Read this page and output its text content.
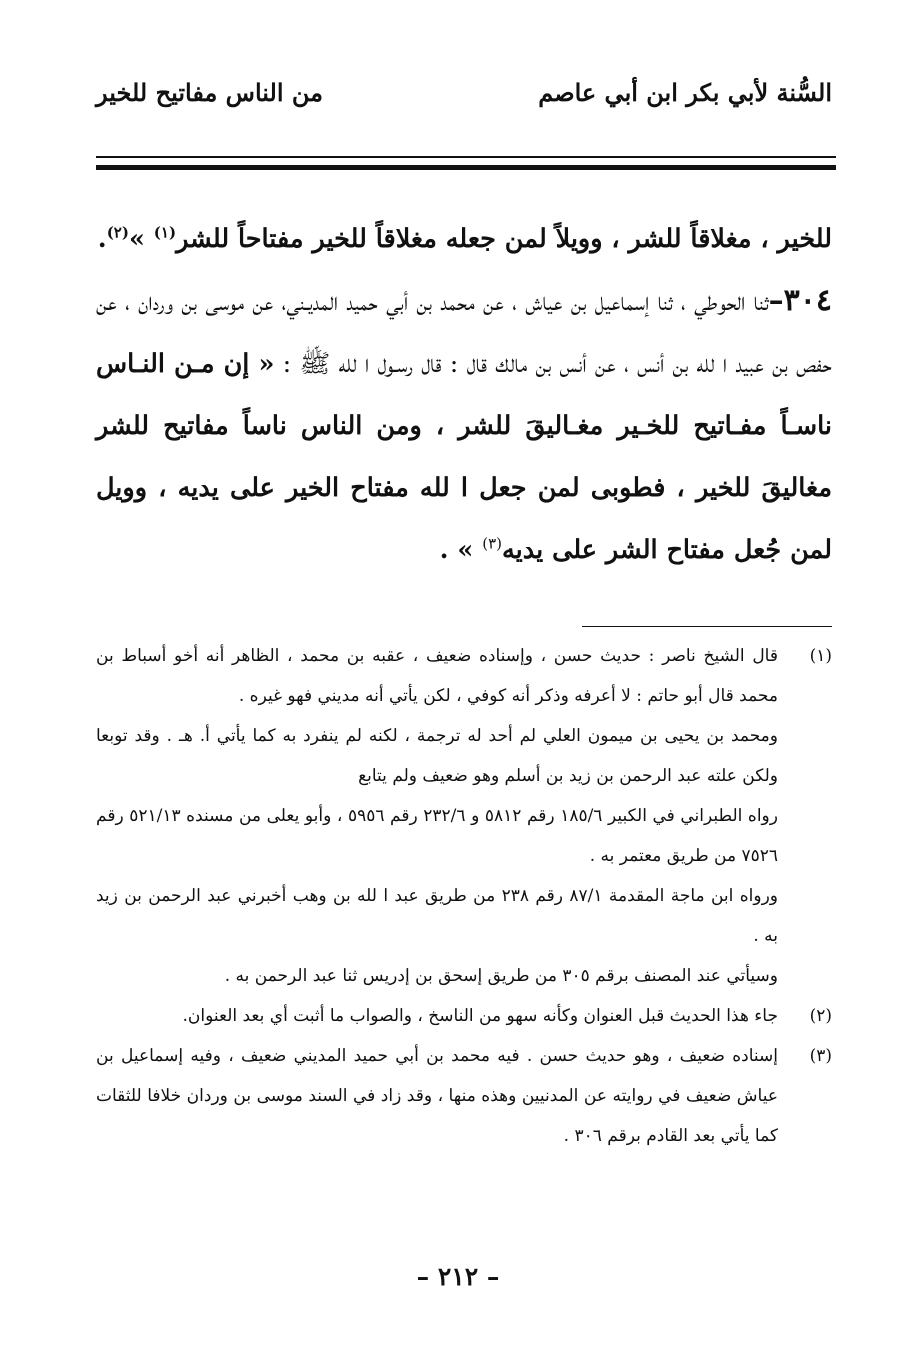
السُّنة لأبي بكر ابن أبي عاصم
من الناس مفاتيح للخير

للخير ، مغلاقاً للشر ، وويلاً لمن جعله مغلاقاً للخير مفتاحاً للشر$^{(١)}$ »$^{(٢)}$.

٣٠٤–ثنا الحوطي ، ثنا إسماعيل بن عياش ، عن محمد بن أبي حميد المديـني، عن موسى بن وردان ، عن حفص بن عبيد ا لله بن أنس ، عن أنس بن مالك قال : قال رسـول ا لله ﷺ : « إن مـن النـاس ناسـاً مفـاتيح للخـير مغـاليقَ للشر ، ومن الناس ناساً مفاتيح للشر مغاليقَ للخير ، فطوبى لمن جعل ا لله مفتاح الخير على يديه ، وويل لمن جُعل مفتاح الشر على يديه$^{(٣)}$ » .

(١)

قال الشيخ ناصر : حديث حسن ، وإسناده ضعيف ، عقبه بن محمد ، الظاهر أنه أخو أسباط بن محمد قال أبو حاتم : لا أعرفه وذكر أنه كوفي ، لكن يأتي أنه مديني فهو غيره .

ومحمد بن يحيى بن ميمون العلي لم أحد له ترجمة ، لكنه لم ينفرد به كما يأتي أ. هـ . وقد توبعا ولكن علته عبد الرحمن بن زيد بن أسلم وهو ضعيف ولم يتابع

رواه الطبراني في الكبير ١٨٥/٦ رقم ٥٨١٢ و ٢٣٢/٦ رقم ٥٩٥٦ ، وأبو يعلى من مسنده ٥٢١/١٣ رقم ٧٥٢٦ من طريق معتمر به .

ورواه ابن ماجة المقدمة ٨٧/١ رقم ٢٣٨ من طريق عبد ا لله بن وهب أخبرني عبد الرحمن بن زيد به .

وسيأتي عند المصنف برقم ٣٠٥ من طريق إسحق بن إدريس ثنا عبد الرحمن به .

(٢)

جاء هذا الحديث قبل العنوان وكأنه سهو من الناسخ ، والصواب ما أثبت أي بعد العنوان.

(٣)

إسناده ضعيف ، وهو حديث حسن . فيه محمد بن أبي حميد المديني ضعيف ، وفيه إسماعيل بن عياش ضعيف في روايته عن المدنيين وهذه منها ، وقد زاد في السند موسى بن وردان خلافا للثقات كما يأتي بعد القادم برقم ٣٠٦ .

– ٢١٢ –
